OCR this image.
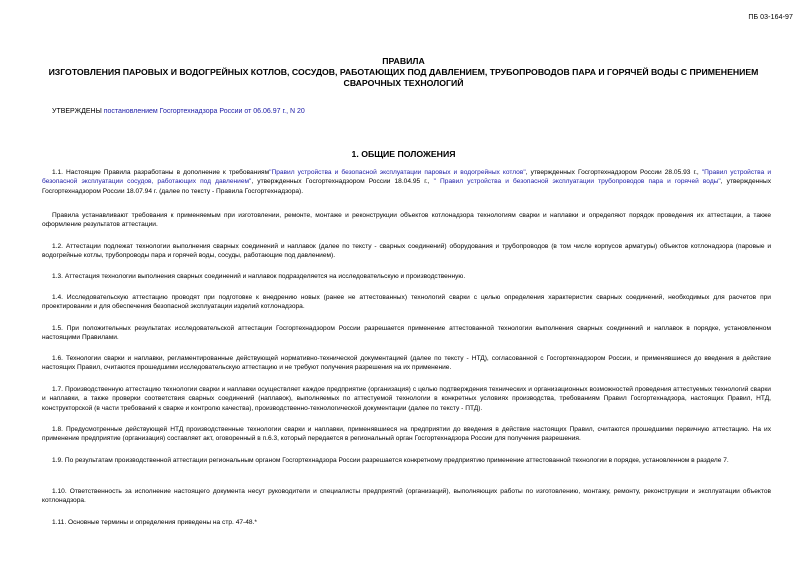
ПБ 03-164-97
ПРАВИЛА
ИЗГОТОВЛЕНИЯ ПАРОВЫХ И ВОДОГРЕЙНЫХ КОТЛОВ, СОСУДОВ, РАБОТАЮЩИХ ПОД ДАВЛЕНИЕМ, ТРУБОПРОВОДОВ ПАРА И ГОРЯЧЕЙ ВОДЫ С ПРИМЕНЕНИЕМ
СВАРОЧНЫХ ТЕХНОЛОГИЙ
УТВЕРЖДЕНЫ постановлением Госгортехнадзора России от 06.06.97 г., N 20
1. ОБЩИЕ ПОЛОЖЕНИЯ
1.1. Настоящие Правила разработаны в дополнение к требованиям"Правил устройства и безопасной эксплуатации паровых и водогрейных котлов", утвержденных Госгортехнадзором России 28.05.93 г., "Правил устройства и безопасной эксплуатации сосудов, работающих под давлением", утвержденных Госгортехнадзором России 18.04.95 г., " Правил устройства и безопасной эксплуатации трубопроводов пара и горячей воды", утвержденных Госгортехнадзором России 18.07.94 г. (далее по тексту - Правила Госгортехнадзора).
Правила устанавливают требования к применяемым при изготовлении, ремонте, монтаже и реконструкции объектов котлонадзора технологиям сварки и наплавки и определяют порядок проведения их аттестации, а также оформление результатов аттестации.
1.2. Аттестации подлежат технологии выполнения сварных соединений и наплавок (далее по тексту - сварных соединений) оборудования и трубопроводов (в том числе корпусов арматуры) объектов котлонадзора (паровые и водогрейные котлы, трубопроводы пара и горячей воды, сосуды, работающие под давлением).
1.3. Аттестация технологии выполнения сварных соединений и наплавок подразделяется на исследовательскую и производственную.
1.4. Исследовательскую аттестацию проводят при подготовке к внедрению новых (ранее не аттестованных) технологий сварки с целью определения характеристик сварных соединений, необходимых для расчетов при проектировании и для обеспечения безопасной эксплуатации изделий котлонадзора.
1.5. При положительных результатах исследовательской аттестации Госгортехнадзором России разрешается применение аттестованной технологии выполнения сварных соединений и наплавок в порядке, установленном настоящими Правилами.
1.6. Технологии сварки и наплавки, регламентированные действующей нормативно-технической документацией (далее по тексту - НТД), согласованной с Госгортехнадзором России, и применявшиеся до введения в действие настоящих Правил, считаются прошедшими исследовательскую аттестацию и не требуют получения разрешения на их применение.
1.7. Производственную аттестацию технологии сварки и наплавки осуществляет каждое предприятие (организация) с целью подтверждения технических и организационных возможностей проведения аттестуемых технологий сварки и наплавки, а также проверки соответствия сварных соединений (наплавок), выполняемых по аттестуемой технологии в конкретных условиях производства, требованиям Правил Госгортехнадзора, настоящих Правил, НТД, конструкторской (в части требований к сварке и контролю качества), производственно-технологической документации (далее по тексту - ПТД).
1.8. Предусмотренные действующей НТД производственные технологии сварки и наплавки, применявшиеся на предприятии до введения в действие настоящих Правил, считаются прошедшими первичную аттестацию. На их применение предприятие (организация) составляет акт, оговоренный в п.6.3, который передается в региональный орган Госгортехнадзора России для получения разрешения.
1.9. По результатам производственной аттестации региональным органом Госгортехнадзора России разрешается конкретному предприятию применение аттестованной технологии в порядке, установленном в разделе 7.
1.10. Ответственность за исполнение настоящего документа несут руководители и специалисты предприятий (организаций), выполняющих работы по изготовлению, монтажу, ремонту, реконструкции и эксплуатации объектов котлонадзора.
1.11. Основные термины и определения приведены на стр. 47-48.*
